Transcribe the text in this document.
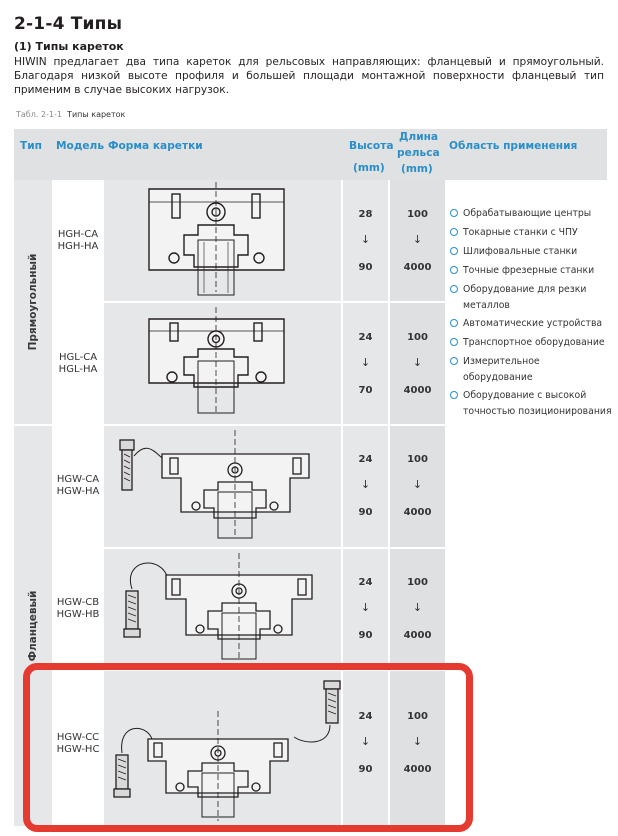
2-1-4 Типы
(1) Типы кареток
HIWIN предлагает два типа кареток для рельсовых направляющих: фланцевый и прямоугольный. Благодаря низкой высоте профиля и большей площади монтажной поверхности фланцевый тип применим в случае высоких нагрузок.
Табл. 2-1-1 Типы кареток
Тип Модель Форма каретки	Высота
(mm)
Длина
рельса
(mm)
Область применения
Прямоугольный
Фланцевый
HGH-CA
HGH-HA
28
↓
90
100
↓
4000
HGL-CA
HGL-HA
24
↓
70
100
↓
4000
HGW-CA
HGW-HA
24
↓
90
100
↓
4000
HGW-CB
HGW-HB
24
↓
90
100
↓
4000
HGW-CC
HGW-HC
24
↓
90
100
↓
4000
Обрабатывающие центры
Токарные станки с ЧПУ
Шлифовальные станки
Точные фрезерные станки
Оборудование для резки
металлов
Автоматические устройства
Транспортное оборудование
Измерительное
оборудование
Оборудование с высокой
точностью позиционирования
